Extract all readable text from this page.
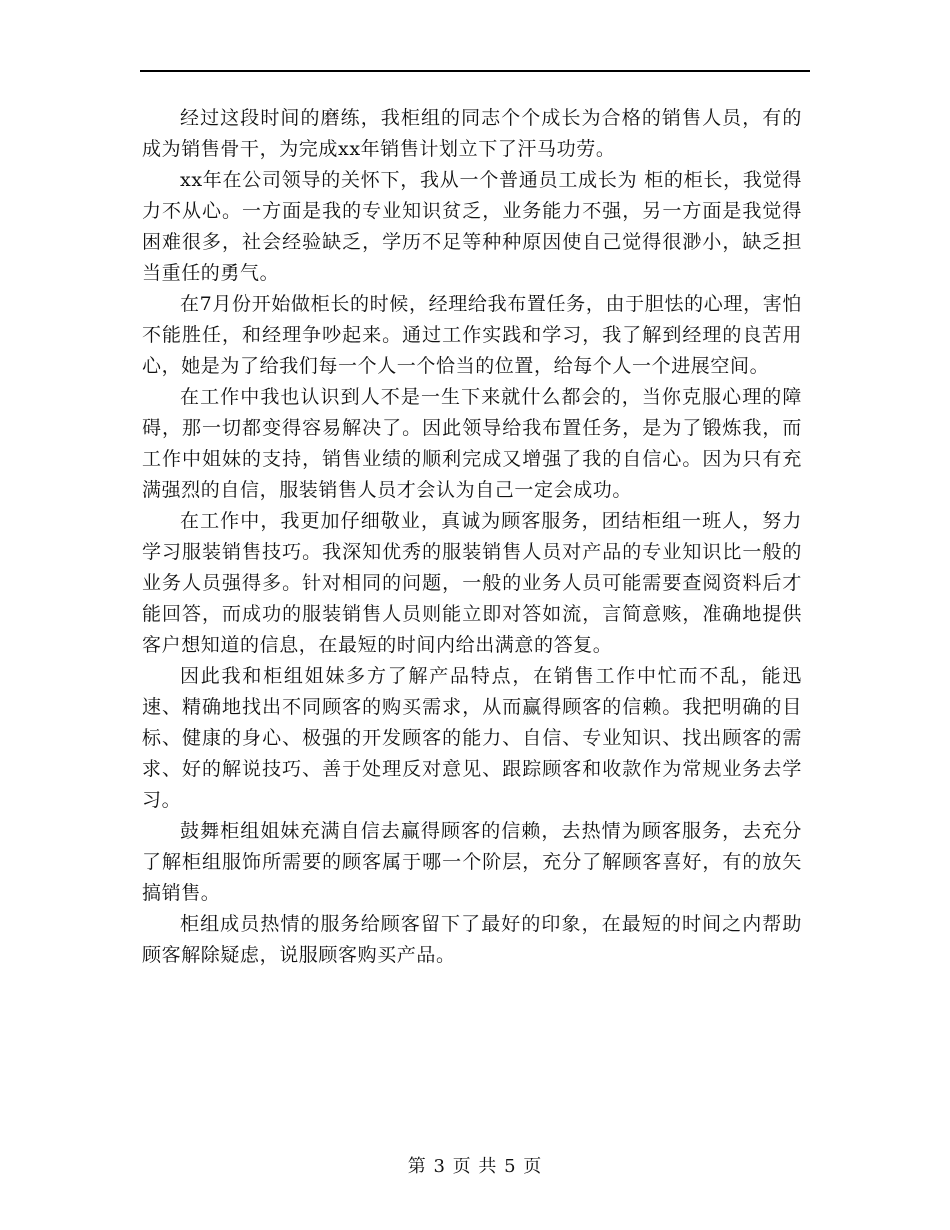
经过这段时间的磨练，我柜组的同志个个成长为合格的销售人员，有的成为销售骨干，为完成xx年销售计划立下了汗马功劳。

xx年在公司领导的关怀下，我从一个普通员工成长为 柜的柜长，我觉得力不从心。一方面是我的专业知识贫乏，业务能力不强，另一方面是我觉得困难很多，社会经验缺乏，学历不足等种种原因使自己觉得很渺小，缺乏担当重任的勇气。

在7月份开始做柜长的时候，经理给我布置任务，由于胆怯的心理，害怕不能胜任，和经理争吵起来。通过工作实践和学习，我了解到经理的良苦用心，她是为了给我们每一个人一个恰当的位置，给每个人一个进展空间。

在工作中我也认识到人不是一生下来就什么都会的，当你克服心理的障碍，那一切都变得容易解决了。因此领导给我布置任务，是为了锻炼我，而工作中姐妹的支持，销售业绩的顺利完成又增强了我的自信心。因为只有充满强烈的自信，服装销售人员才会认为自己一定会成功。

在工作中，我更加仔细敬业，真诚为顾客服务，团结柜组一班人，努力学习服装销售技巧。我深知优秀的服装销售人员对产品的专业知识比一般的业务人员强得多。针对相同的问题，一般的业务人员可能需要查阅资料后才能回答，而成功的服装销售人员则能立即对答如流，言简意赅，准确地提供客户想知道的信息，在最短的时间内给出满意的答复。

因此我和柜组姐妹多方了解产品特点，在销售工作中忙而不乱，能迅速、精确地找出不同顾客的购买需求，从而赢得顾客的信赖。我把明确的目标、健康的身心、极强的开发顾客的能力、自信、专业知识、找出顾客的需求、好的解说技巧、善于处理反对意见、跟踪顾客和收款作为常规业务去学习。

鼓舞柜组姐妹充满自信去赢得顾客的信赖，去热情为顾客服务，去充分了解柜组服饰所需要的顾客属于哪一个阶层，充分了解顾客喜好，有的放矢搞销售。

柜组成员热情的服务给顾客留下了最好的印象，在最短的时间之内帮助顾客解除疑虑，说服顾客购买产品。

第 3 页 共 5 页
